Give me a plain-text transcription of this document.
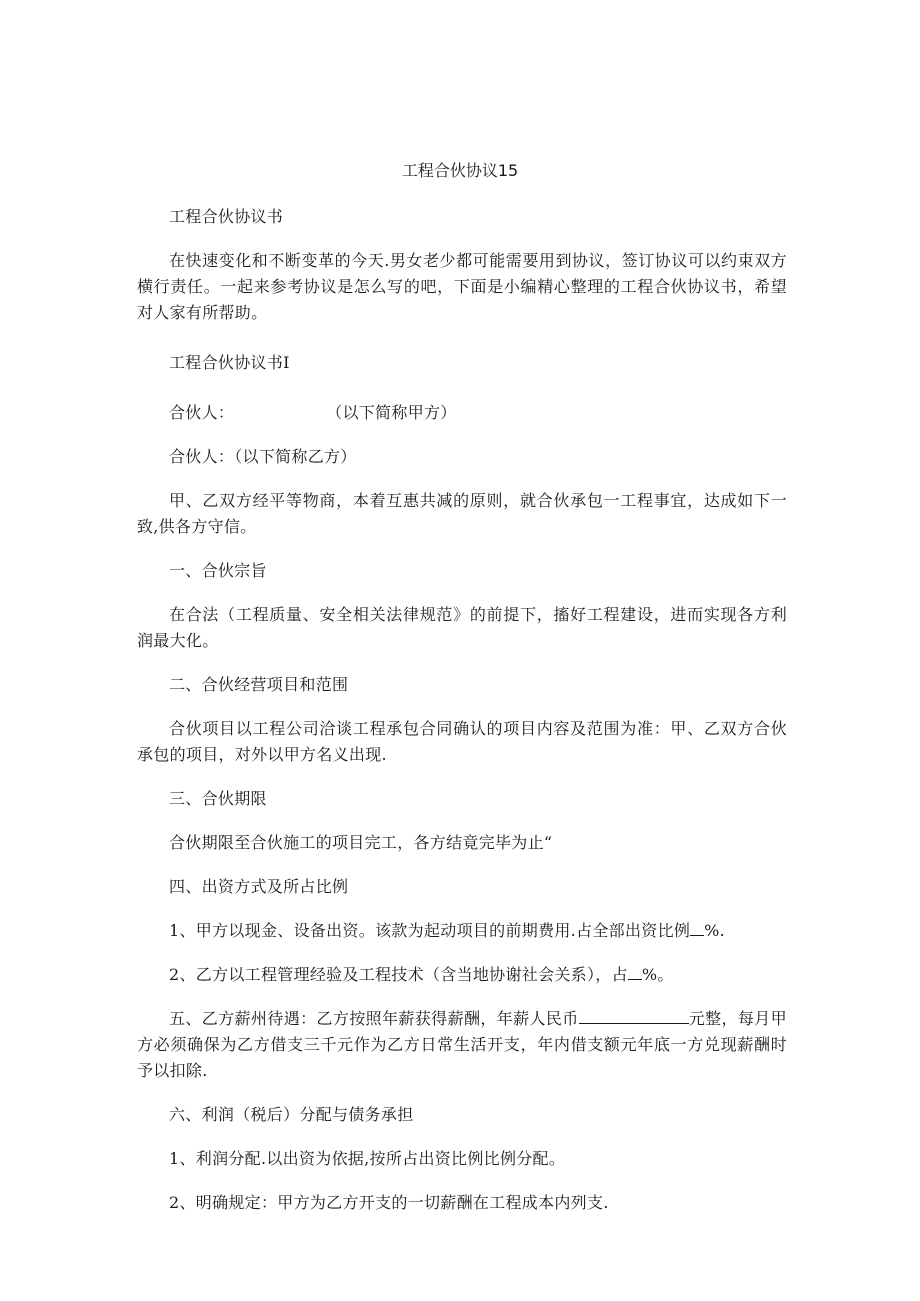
工程合伙协议15

工程合伙协议书

在快速变化和不断变革的今天.男女老少都可能需要用到协议，签订协议可以约束双方横行责任。一起来参考协议是怎么写的吧，下面是小编精心整理的工程合伙协议书，希望对人家有所帮助。

工程合伙协议书I

合伙人：	（以下简称甲方）

合伙人：（以下简称乙方）

甲、乙双方经平等物商，本着互惠共减的原则，就合伙承包一工程事宜，达成如下一致,供各方守信。

一、合伙宗旨

在合法（工程质量、安全相关法律规范》的前提下，搐好工程建设，进而实现各方利润最大化。

二、合伙经营项目和范围

合伙项目以工程公司洽谈工程承包合同确认的项目内容及范围为准：甲、乙双方合伙承包的项目，对外以甲方名义出现.

三、合伙期限

合伙期限至合伙施工的项目完工，各方结竟完毕为止“

四、出资方式及所占比例

1、甲方以现金、设备出资。该款为起动项目的前期费用.占全部出资比例 %.

2、乙方以工程管理经验及工程技术（含当地协谢社会关系），占 %。

五、乙方薪州待遇：乙方按照年薪获得薪酬，年薪人民币	元整，每月甲方必须确保为乙方借支三千元作为乙方日常生活开支，年内借支额元年底一方兑现薪酬时予以扣除.

六、利润（税后）分配与债务承担

1、利润分配.以出资为依据,按所占出资比例比例分配。

2、明确规定：甲方为乙方开支的一切薪酬在工程成本内列支.
